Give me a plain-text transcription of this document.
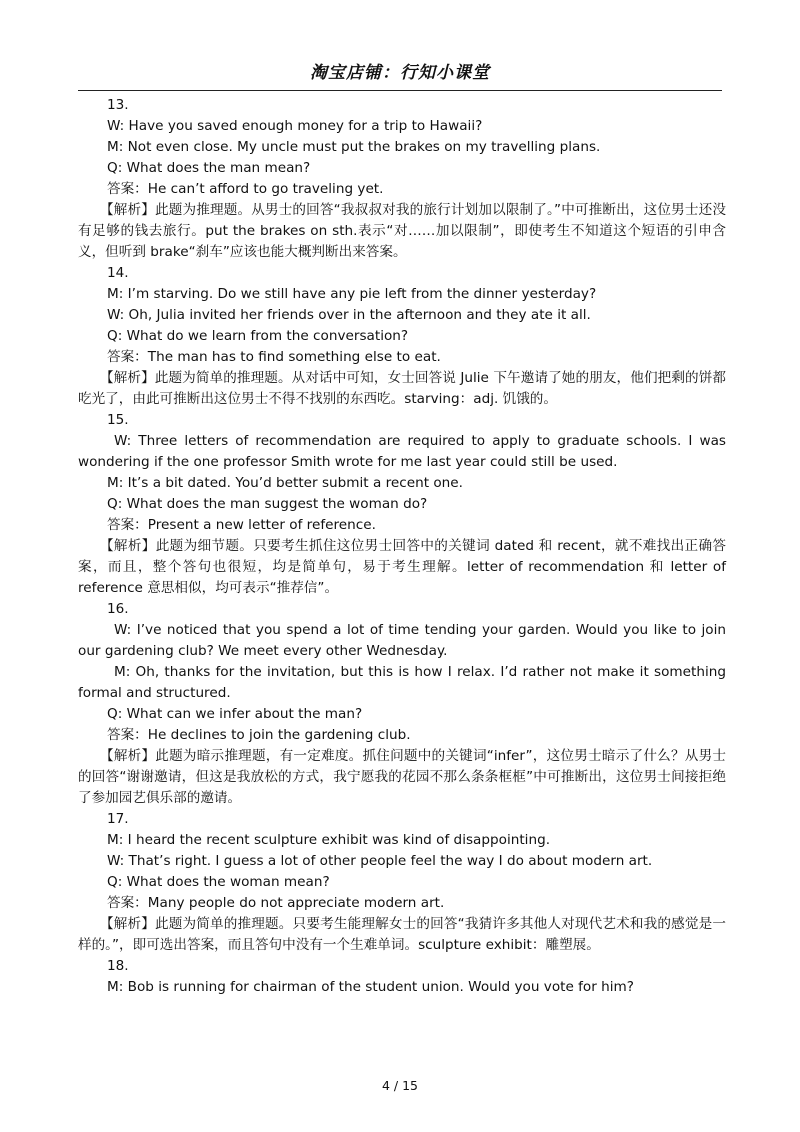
淘宝店铺：行知小课堂

13.

W: Have you saved enough money for a trip to Hawaii?

M: Not even close. My uncle must put the brakes on my travelling plans.

Q: What does the man mean?

答案：He can’t afford to go traveling yet.

【解析】此题为推理题。从男士的回答“我叔叔对我的旅行计划加以限制了。”中可推断出，这位男士还没有足够的钱去旅行。put the brakes on sth.表示“对……加以限制”，即使考生不知道这个短语的引申含义，但听到 brake“刹车”应该也能大概判断出来答案。

14.

M: I’m starving. Do we still have any pie left from the dinner yesterday?

W: Oh, Julia invited her friends over in the afternoon and they ate it all.

Q: What do we learn from the conversation?

答案：The man has to find something else to eat.

【解析】此题为简单的推理题。从对话中可知，女士回答说 Julie 下午邀请了她的朋友，他们把剩的饼都吃光了，由此可推断出这位男士不得不找别的东西吃。starving：adj. 饥饿的。

15.

W: Three letters of recommendation are required to apply to graduate schools. I was wondering if the one professor Smith wrote for me last year could still be used.

M: It’s a bit dated. You’d better submit a recent one.

Q: What does the man suggest the woman do?

答案：Present a new letter of reference.

【解析】此题为细节题。只要考生抓住这位男士回答中的关键词 dated 和 recent，就不难找出正确答案，而且，整个答句也很短，均是简单句，易于考生理解。letter of recommendation 和 letter of reference 意思相似，均可表示“推荐信”。

16.

W: I’ve noticed that you spend a lot of time tending your garden. Would you like to join our gardening club? We meet every other Wednesday.

M: Oh, thanks for the invitation, but this is how I relax. I’d rather not make it something formal and structured.

Q: What can we infer about the man?

答案：He declines to join the gardening club.

【解析】此题为暗示推理题，有一定难度。抓住问题中的关键词“infer”，这位男士暗示了什么？从男士的回答“谢谢邀请，但这是我放松的方式，我宁愿我的花园不那么条条框框”中可推断出，这位男士间接拒绝了参加园艺俱乐部的邀请。

17.

M: I heard the recent sculpture exhibit was kind of disappointing.

W: That’s right. I guess a lot of other people feel the way I do about modern art.

Q: What does the woman mean?

答案：Many people do not appreciate modern art.

【解析】此题为简单的推理题。只要考生能理解女士的回答“我猜许多其他人对现代艺术和我的感觉是一样的。”，即可选出答案，而且答句中没有一个生难单词。sculpture exhibit：雕塑展。

18.

M: Bob is running for chairman of the student union. Would you vote for him?

4 / 15
